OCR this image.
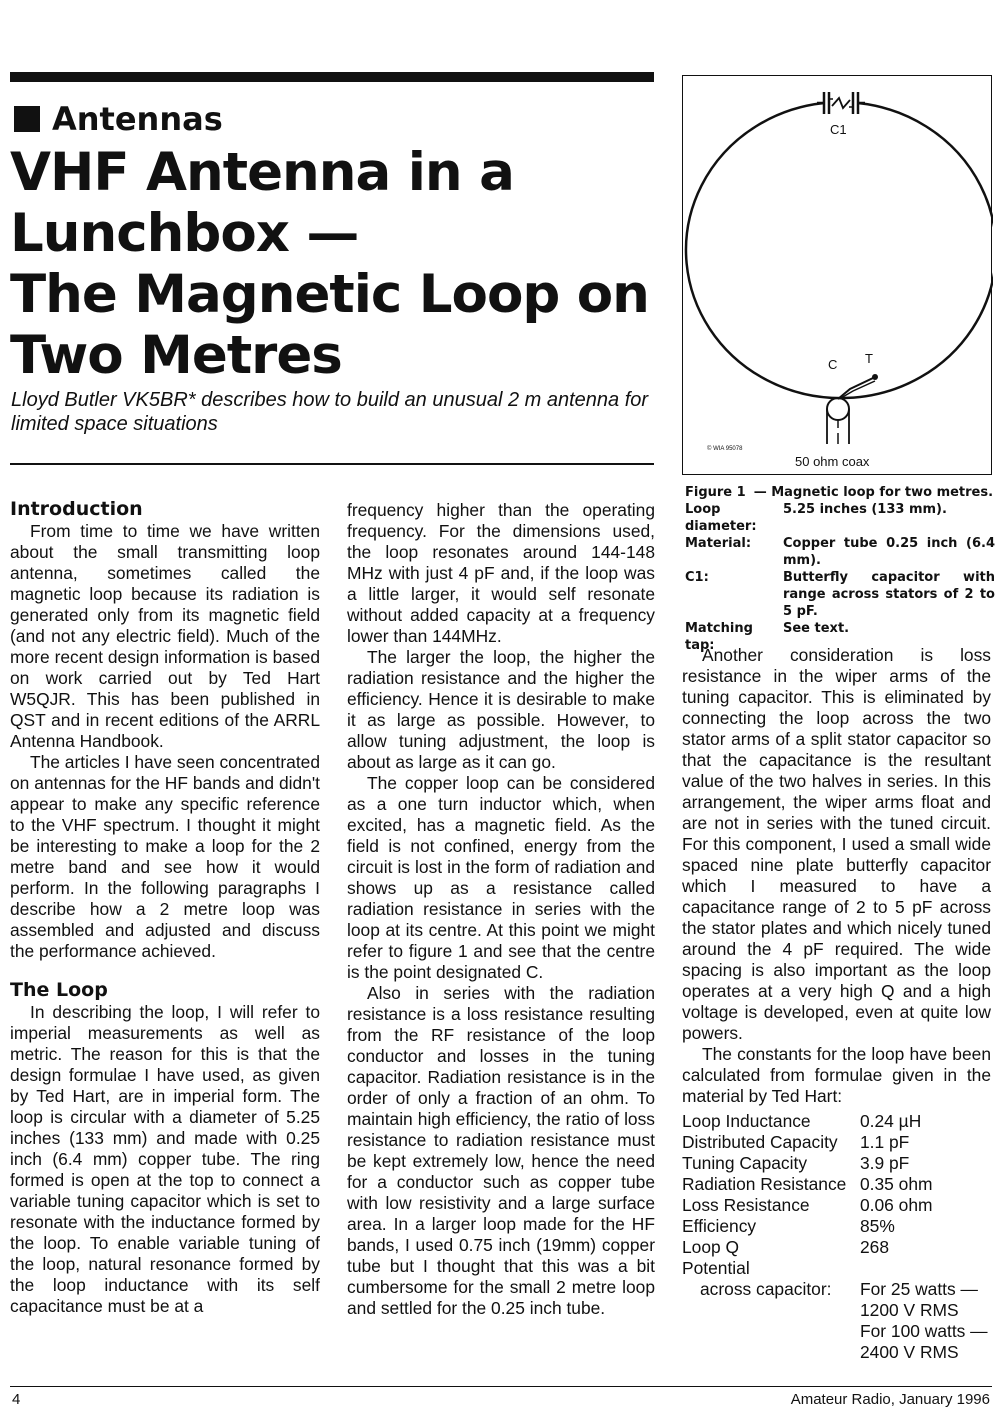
Antennas
VHF Antenna in a
Lunchbox —
The Magnetic Loop on
Two Metres
Lloyd Butler VK5BR* describes how to build an unusual 2 m antenna for limited space situations
C1
C T
50 ohm coax
© WIA 95078
Figure 1 — Magnetic loop for two metres.
Loop diameter:
5.25 inches (133 mm).
Material:	Copper tube 0.25 inch (6.4 mm).
C1:	Butterfly capacitor with range across stators of 2 to 5 pF.
Matching tap:
See text.
Introduction

From time to time we have written about the small transmitting loop antenna, sometimes called the magnetic loop because its radiation is generated only from its magnetic field (and not any electric field). Much of the more recent design information is based on work carried out by Ted Hart W5QJR. This has been published in QST and in recent editions of the ARRL Antenna Handbook.

The articles I have seen concentrated on antennas for the HF bands and didn't appear to make any specific reference to the VHF spectrum. I thought it might be interesting to make a loop for the 2 metre band and see how it would perform. In the following paragraphs I describe how a 2 metre loop was assembled and adjusted and discuss the performance achieved.

The Loop

In describing the loop, I will refer to imperial measurements as well as metric. The reason for this is that the design formulae I have used, as given by Ted Hart, are in imperial form. The loop is circular with a diameter of 5.25 inches (133 mm) and made with 0.25 inch (6.4 mm) copper tube. The ring formed is open at the top to connect a variable tuning capacitor which is set to resonate with the inductance formed by the loop. To enable variable tuning of the loop, natural resonance formed by the loop inductance with its self capacitance must be at a

frequency higher than the operating frequency. For the dimensions used, the loop resonates around 144-148 MHz with just 4 pF and, if the loop was a little larger, it would self resonate without added capacity at a frequency lower than 144MHz.

The larger the loop, the higher the radiation resistance and the higher the efficiency. Hence it is desirable to make it as large as possible. However, to allow tuning adjustment, the loop is about as large as it can go.

The copper loop can be considered as a one turn inductor which, when excited, has a magnetic field. As the field is not confined, energy from the circuit is lost in the form of radiation and shows up as a resistance called radiation resistance in series with the loop at its centre. At this point we might refer to figure 1 and see that the centre is the point designated C.

Also in series with the radiation resistance is a loss resistance resulting from the RF resistance of the loop conductor and losses in the tuning capacitor. Radiation resistance is in the order of only a fraction of an ohm. To maintain high efficiency, the ratio of loss resistance to radiation resistance must be kept extremely low, hence the need for a conductor such as copper tube with low resistivity and a large surface area. In a larger loop made for the HF bands, I used 0.75 inch (19mm) copper tube but I thought that this was a bit cumbersome for the small 2 metre loop and settled for the 0.25 inch tube.

Another consideration is loss resistance in the wiper arms of the tuning capacitor. This is eliminated by connecting the loop across the two stator arms of a split stator capacitor so that the capacitance is the resultant value of the two halves in series. In this arrangement, the wiper arms float and are not in series with the tuned circuit. For this component, I used a small wide spaced nine plate butterfly capacitor which I measured to have a capacitance range of 2 to 5 pF across the stator plates and which nicely tuned around the 4 pF required. The wide spacing is also important as the loop operates at a very high Q and a high voltage is developed, even at quite low powers.

The constants for the loop have been calculated from formulae given in the material by Ted Hart:

Loop Inductance	0.24 µH
Distributed Capacity	1.1 pF
Tuning Capacity	3.9 pF
Radiation Resistance 0.35 ohm
Loss Resistance	0.06 ohm
Efficiency	85%
Loop Q	268
Potential
across capacitor:	For 25 watts — 1200 V RMS
For 100 watts — 2400 V RMS
4	Amateur Radio, January 1996
